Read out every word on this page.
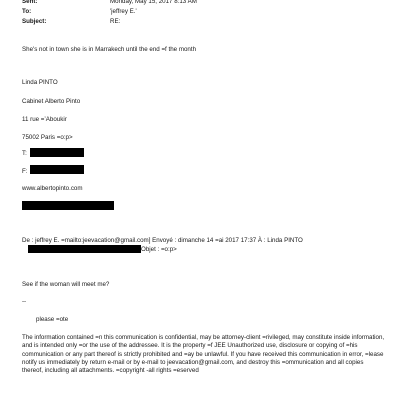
Sent:	Monday, May 15, 2017 8:13 AM
To:	'jeffrey E.'
Subject:	RE:
She's not in town she is in Marrakech until the end =f the month
Linda PINTO
Cabinet Alberto Pinto
11 rue =’Aboukir
75002 Paris =o:p>
T:
F:
www.albertopinto.com
De : jeffrey E. =mailto:jeevacation@gmail.com] Envoyé : dimanche 14 =ai 2017 17:37 À : Linda PINTO
Objet : =o:p>
See if the woman will meet me?
--
please =ote
The information contained =n this communication is confidential, may be attorney-client =rivileged, may constitute inside information, and is intended only =or the use of the addressee. It is the property =f JEE Unauthorized use, disclosure or copying of =his communication or any part thereof is strictly prohibited and =ay be unlawful. If you have received this communication in error, =lease notify us immediately by return e-mail or by e-mail to jeevacation@gmail.com, and destroy this =ommunication and all copies thereof, including all attachments. =copyright -all rights =eserved
